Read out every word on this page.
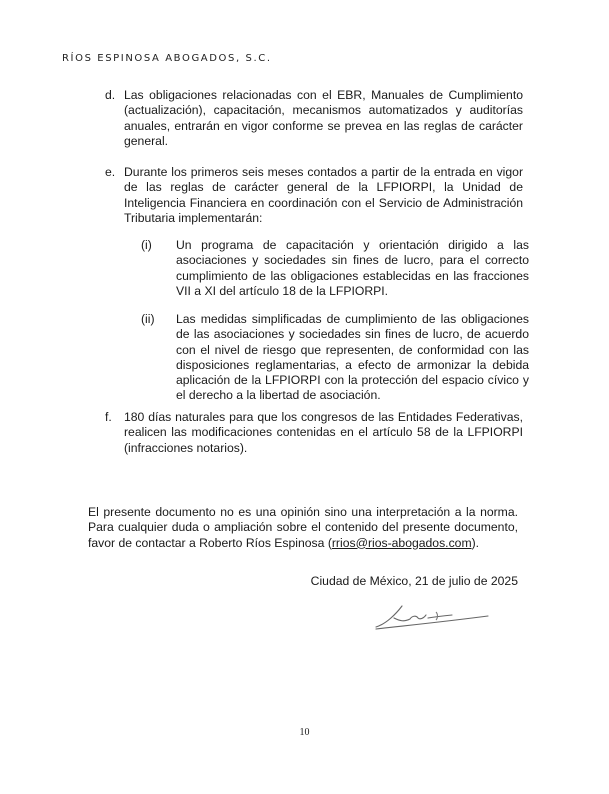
RÍOS ESPINOSA ABOGADOS, S.C.
d. Las obligaciones relacionadas con el EBR, Manuales de Cumplimiento (actualización), capacitación, mecanismos automatizados y auditorías anuales, entrarán en vigor conforme se prevea en las reglas de carácter general.
e. Durante los primeros seis meses contados a partir de la entrada en vigor de las reglas de carácter general de la LFPIORPI, la Unidad de Inteligencia Financiera en coordinación con el Servicio de Administración Tributaria implementarán:
(i) Un programa de capacitación y orientación dirigido a las asociaciones y sociedades sin fines de lucro, para el correcto cumplimiento de las obligaciones establecidas en las fracciones VII a XI del artículo 18 de la LFPIORPI.
(ii) Las medidas simplificadas de cumplimiento de las obligaciones de las asociaciones y sociedades sin fines de lucro, de acuerdo con el nivel de riesgo que representen, de conformidad con las disposiciones reglamentarias, a efecto de armonizar la debida aplicación de la LFPIORPI con la protección del espacio cívico y el derecho a la libertad de asociación.
f. 180 días naturales para que los congresos de las Entidades Federativas, realicen las modificaciones contenidas en el artículo 58 de la LFPIORPI (infracciones notarios).
El presente documento no es una opinión sino una interpretación a la norma. Para cualquier duda o ampliación sobre el contenido del presente documento, favor de contactar a Roberto Ríos Espinosa (rrios@rios-abogados.com).
Ciudad de México, 21 de julio de 2025
10
